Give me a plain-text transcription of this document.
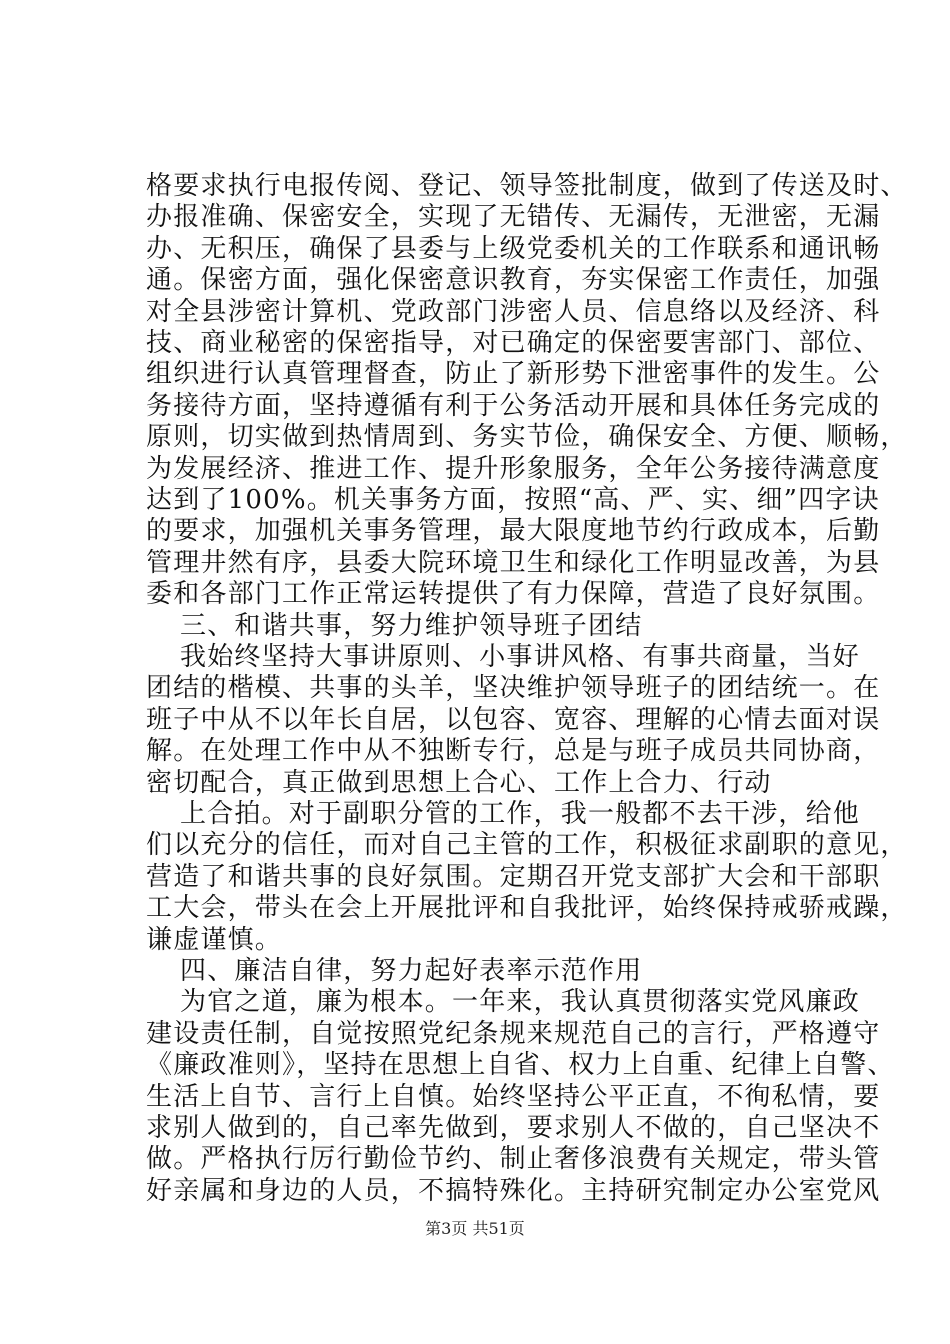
格要求执行电报传阅、登记、领导签批制度，做到了传送及时、
办报准确、保密安全，实现了无错传、无漏传，无泄密，无漏
办、无积压，确保了县委与上级党委机关的工作联系和通讯畅
通。保密方面，强化保密意识教育，夯实保密工作责任，加强
对全县涉密计算机、党政部门涉密人员、信息络以及经济、科
技、商业秘密的保密指导，对已确定的保密要害部门、部位、
组织进行认真管理督查，防止了新形势下泄密事件的发生。公
务接待方面，坚持遵循有利于公务活动开展和具体任务完成的
原则，切实做到热情周到、务实节俭，确保安全、方便、顺畅，
为发展经济、推进工作、提升形象服务，全年公务接待满意度
达到了100%。机关事务方面，按照“高、严、实、细”四字诀
的要求，加强机关事务管理，最大限度地节约行政成本，后勤
管理井然有序，县委大院环境卫生和绿化工作明显改善，为县
委和各部门工作正常运转提供了有力保障，营造了良好氛围。
三、和谐共事，努力维护领导班子团结
我始终坚持大事讲原则、小事讲风格、有事共商量，当好
团结的楷模、共事的头羊，坚决维护领导班子的团结统一。在
班子中从不以年长自居，以包容、宽容、理解的心情去面对误
解。在处理工作中从不独断专行，总是与班子成员共同协商，
密切配合，真正做到思想上合心、工作上合力、行动
上合拍。对于副职分管的工作，我一般都不去干涉，给他
们以充分的信任，而对自己主管的工作，积极征求副职的意见，
营造了和谐共事的良好氛围。定期召开党支部扩大会和干部职
工大会，带头在会上开展批评和自我批评，始终保持戒骄戒躁，
谦虚谨慎。
四、廉洁自律，努力起好表率示范作用
为官之道，廉为根本。一年来，我认真贯彻落实党风廉政
建设责任制，自觉按照党纪条规来规范自己的言行，严格遵守
《廉政准则》，坚持在思想上自省、权力上自重、纪律上自警、
生活上自节、言行上自慎。始终坚持公平正直，不徇私情，要
求别人做到的，自己率先做到，要求别人不做的，自己坚决不
做。严格执行厉行勤俭节约、制止奢侈浪费有关规定，带头管
好亲属和身边的人员，不搞特殊化。主持研究制定办公室党风
第3页 共51页
